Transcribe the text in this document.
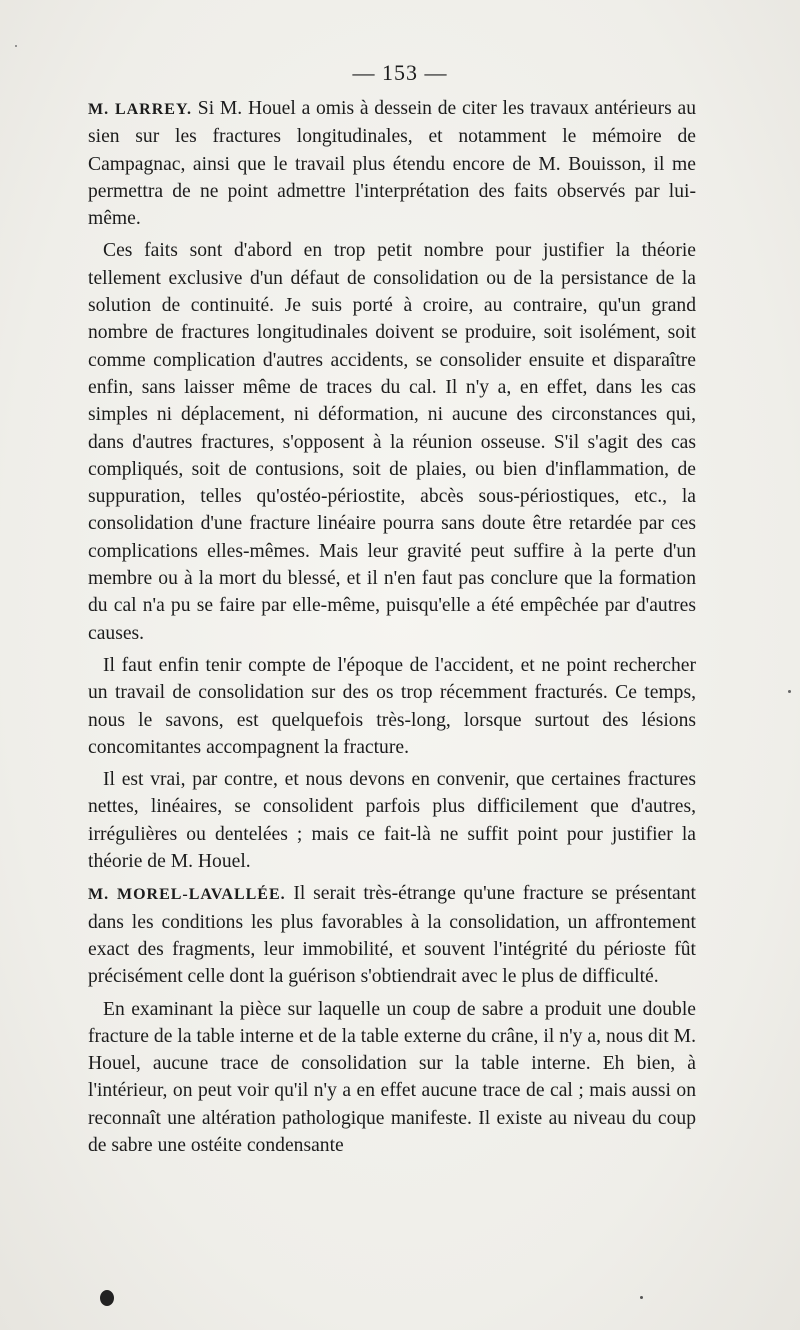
— 153 —

M. LARREY. Si M. Houel a omis à dessein de citer les travaux antérieurs au sien sur les fractures longitudinales, et notamment le mémoire de Campagnac, ainsi que le travail plus étendu encore de M. Bouisson, il me permettra de ne point admettre l'interprétation des faits observés par lui-même.

Ces faits sont d'abord en trop petit nombre pour justifier la théorie tellement exclusive d'un défaut de consolidation ou de la persistance de la solution de continuité. Je suis porté à croire, au contraire, qu'un grand nombre de fractures longitudinales doivent se produire, soit isolément, soit comme complication d'autres accidents, se consolider ensuite et disparaître enfin, sans laisser même de traces du cal. Il n'y a, en effet, dans les cas simples ni déplacement, ni déformation, ni aucune des circonstances qui, dans d'autres fractures, s'opposent à la réunion osseuse. S'il s'agit des cas compliqués, soit de contusions, soit de plaies, ou bien d'inflammation, de suppuration, telles qu'ostéo-périostite, abcès sous-périostiques, etc., la consolidation d'une fracture linéaire pourra sans doute être retardée par ces complications elles-mêmes. Mais leur gravité peut suffire à la perte d'un membre ou à la mort du blessé, et il n'en faut pas conclure que la formation du cal n'a pu se faire par elle-même, puisqu'elle a été empêchée par d'autres causes.

Il faut enfin tenir compte de l'époque de l'accident, et ne point rechercher un travail de consolidation sur des os trop récemment fracturés. Ce temps, nous le savons, est quelquefois très-long, lorsque surtout des lésions concomitantes accompagnent la fracture.

Il est vrai, par contre, et nous devons en convenir, que certaines fractures nettes, linéaires, se consolident parfois plus difficilement que d'autres, irrégulières ou dentelées ; mais ce fait-là ne suffit point pour justifier la théorie de M. Houel.

M. MOREL-LAVALLÉE. Il serait très-étrange qu'une fracture se présentant dans les conditions les plus favorables à la consolidation, un affrontement exact des fragments, leur immobilité, et souvent l'intégrité du périoste fût précisément celle dont la guérison s'obtiendrait avec le plus de difficulté.

En examinant la pièce sur laquelle un coup de sabre a produit une double fracture de la table interne et de la table externe du crâne, il n'y a, nous dit M. Houel, aucune trace de consolidation sur la table interne. Eh bien, à l'intérieur, on peut voir qu'il n'y a en effet aucune trace de cal ; mais aussi on reconnaît une altération pathologique manifeste. Il existe au niveau du coup de sabre une ostéite condensante
